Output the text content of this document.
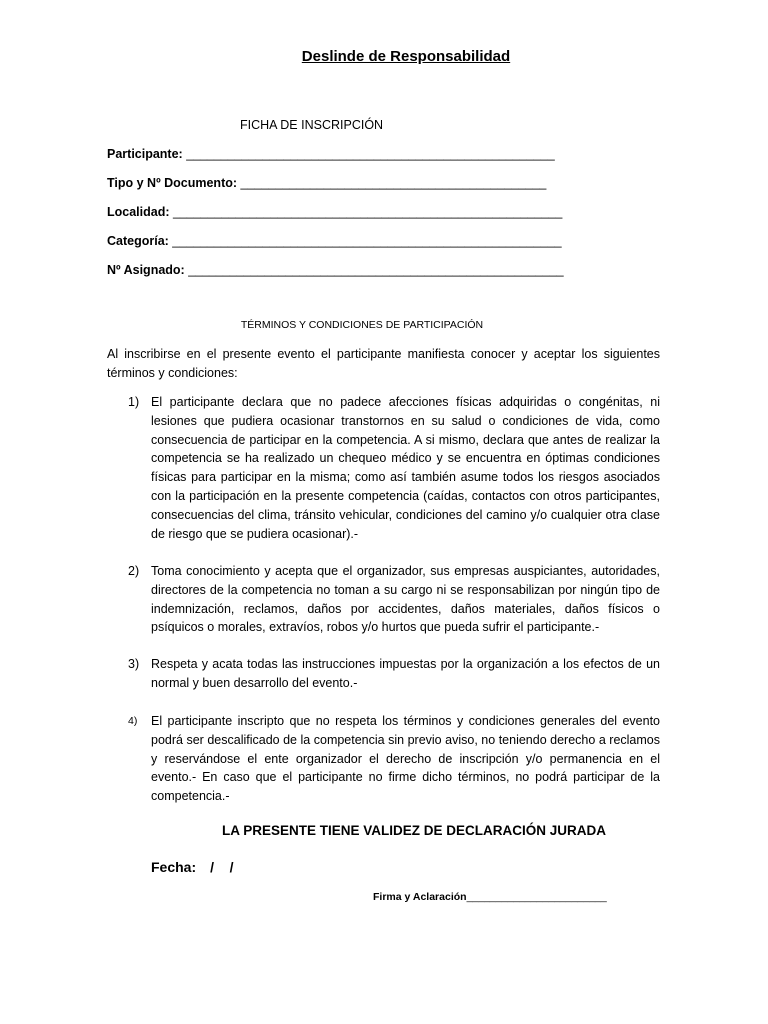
Deslinde de Responsabilidad
FICHA DE INSCRIPCIÓN
Participante: _____________________________________________________
Tipo y Nº Documento: ____________________________________________
Localidad: ________________________________________________________
Categoría: ________________________________________________________
Nº Asignado: ______________________________________________________
TÉRMINOS Y CONDICIONES DE PARTICIPACIÓN
Al inscribirse en el presente evento el participante manifiesta conocer y aceptar los siguientes términos y condiciones:
1) El participante declara que no padece afecciones físicas adquiridas o congénitas, ni lesiones que pudiera ocasionar transtornos en su salud o condiciones de vida, como consecuencia de participar en la competencia. A si mismo, declara que antes de realizar la competencia se ha realizado un chequeo médico y se encuentra en óptimas condiciones físicas para participar en la misma; como así también asume todos los riesgos asociados con la participación en la presente competencia (caídas, contactos con otros participantes, consecuencias del clima, tránsito vehicular, condiciones del camino y/o cualquier otra clase de riesgo que se pudiera ocasionar).-
2) Toma conocimiento y acepta que el organizador, sus empresas auspiciantes, autoridades, directores de la competencia no toman a su cargo ni se responsabilizan por ningún tipo de indemnización, reclamos, daños por accidentes, daños materiales, daños físicos o psíquicos o morales, extravíos, robos y/o hurtos que pueda sufrir el participante.-
3) Respeta y acata todas las instrucciones impuestas por la organización a los efectos de un normal y buen desarrollo del evento.-
4)	El participante inscripto que no respeta los términos y condiciones generales del evento podrá ser descalificado de la competencia sin previo aviso, no teniendo derecho a reclamos y reservándose el ente organizador el derecho de inscripción y/o permanencia en el evento.- En caso que el participante no firme dicho términos, no podrá participar de la competencia.-
LA PRESENTE TIENE VALIDEZ DE DECLARACIÓN JURADA
Fecha: /    /
Firma y Aclaración________________________
